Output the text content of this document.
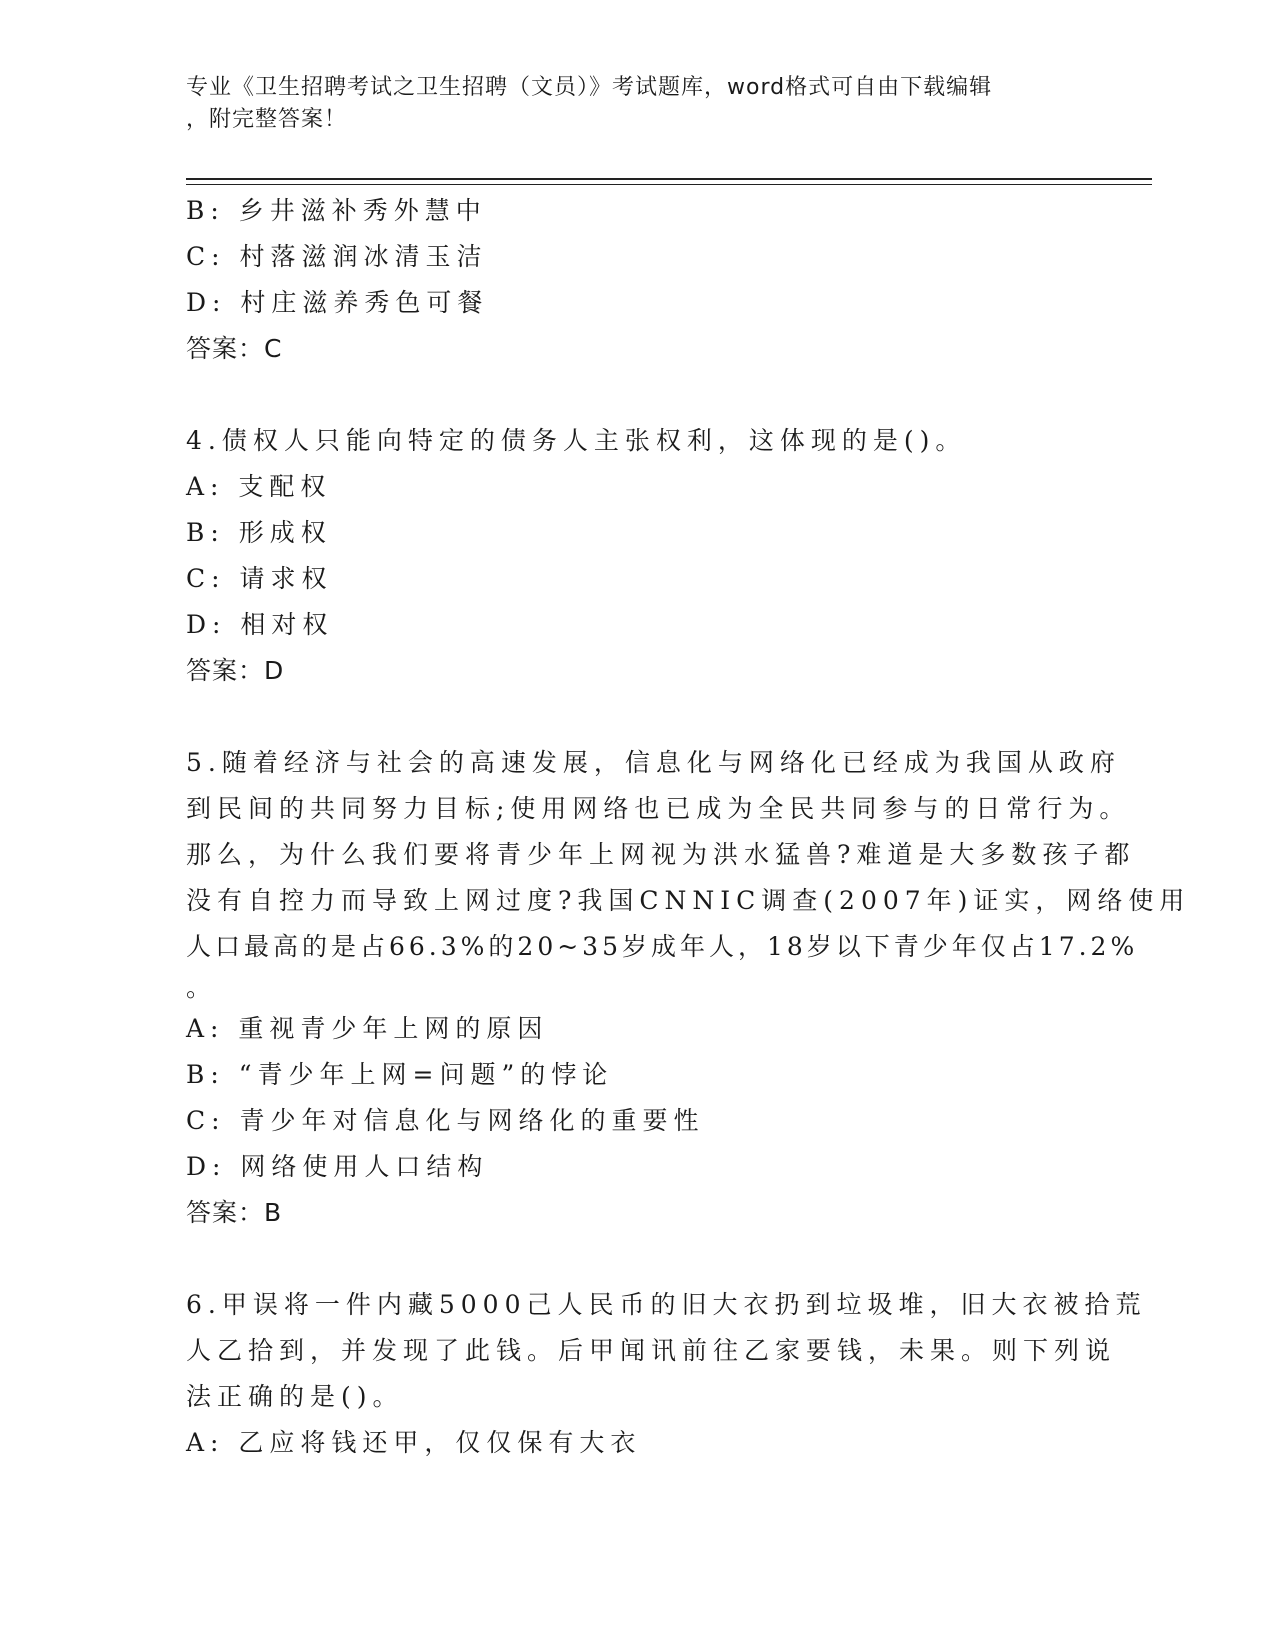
专业《卫生招聘考试之卫生招聘（文员）》考试题库，word格式可自由下载编辑
，附完整答案！
B: 乡井滋补秀外慧中
C: 村落滋润冰清玉洁
D: 村庄滋养秀色可餐
答案：C
4.债权人只能向特定的债务人主张权利，这体现的是()。
A: 支配权
B: 形成权
C: 请求权
D: 相对权
答案：D
5.随着经济与社会的高速发展，信息化与网络化已经成为我国从政府
到民间的共同努力目标;使用网络也已成为全民共同参与的日常行为。
那么，为什么我们要将青少年上网视为洪水猛兽?难道是大多数孩子都
没有自控力而导致上网过度?我国CNNIC调查(2007年)证实，网络使用
人口最高的是占66.3%的20~35岁成年人，18岁以下青少年仅占17.2%
。
A: 重视青少年上网的原因
B: “青少年上网=问题”的悖论
C: 青少年对信息化与网络化的重要性
D: 网络使用人口结构
答案：B
6.甲误将一件内藏5000己人民币的旧大衣扔到垃圾堆，旧大衣被拾荒
人乙拾到，并发现了此钱。后甲闻讯前往乙家要钱，未果。则下列说
法正确的是()。
A: 乙应将钱还甲，仅仅保有大衣
